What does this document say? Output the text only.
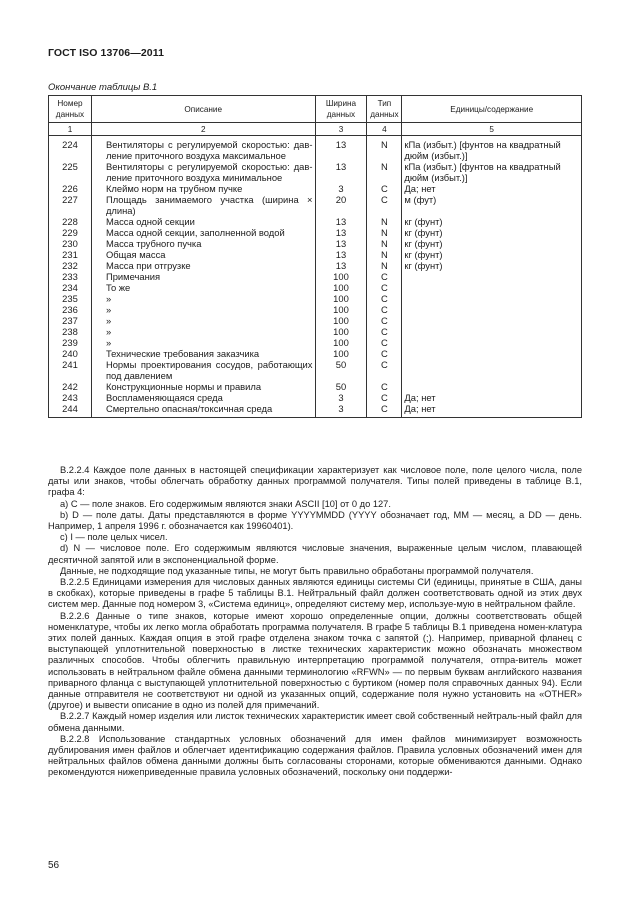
ГОСТ ISO 13706—2011
Окончание таблицы В.1
Номер данных	Описание	Ширина данных	Тип данных	Единицы/содержание
1	2	3	4	5
224	Вентиляторы с регулируемой скоростью: дав-ление приточного воздуха максимальное	13	N	кПа (избыт.) [фунтов на квадратный дюйм (избыт.)]
225	Вентиляторы с регулируемой скоростью: дав-ление приточного воздуха минимальное	13	N	кПа (избыт.) [фунтов на квадратный дюйм (избыт.)]
226	Клеймо норм на трубном пучке	3	C	Да; нет
227	Площадь занимаемого участка (ширина × длина)	20	C	м (фут)
228	Масса одной секции	13	N	кг (фунт)
229	Масса одной секции, заполненной водой	13	N	кг (фунт)
230	Масса трубного пучка	13	N	кг (фунт)
231	Общая масса	13	N	кг (фунт)
232	Масса при отгрузке	13	N	кг (фунт)
233	Примечания	100	C	
234	То же	100	C	
235	»	100	C	
236	»	100	C	
237	»	100	C	
238	»	100	C	
239	»	100	C	
240	Технические требования заказчика	100	C	
241	Нормы проектирования сосудов, работающих под давлением	50	C	
242	Конструкционные нормы и правила	50	C	
243	Воспламеняющаяся среда	3	C	Да; нет
244	Смертельно опасная/токсичная среда	3	C	Да; нет

B.2.2.4 Каждое поле данных в настоящей спецификации характеризует как числовое поле, поле целого числа, поле даты или знаков, чтобы облегчать обработку данных программой получателя. Типы полей приведены в таблице В.1, графа 4:

a) C — поле знаков. Его содержимым являются знаки ASCII [10] от 0 до 127.

b) D — поле даты. Даты представляются в форме YYYYMMDD (YYYY обозначает год, MM — месяц, а DD — день. Например, 1 апреля 1996 г. обозначается как 19960401).

c) I — поле целых чисел.

d) N — числовое поле. Его содержимым являются числовые значения, выраженные целым числом, плавающей десятичной запятой или в экспоненциальной форме.

Данные, не подходящие под указанные типы, не могут быть правильно обработаны программой получателя.

B.2.2.5 Единицами измерения для числовых данных являются единицы системы СИ (единицы, принятые в США, даны в скобках), которые приведены в графе 5 таблицы В.1. Нейтральный файл должен соответствовать одной из этих двух систем мер. Данные под номером 3, «Система единиц», определяют систему мер, используе-мую в нейтральном файле.

B.2.2.6 Данные о типе знаков, которые имеют хорошо определенные опции, должны соответствовать общей номенклатуре, чтобы их легко могла обработать программа получателя. В графе 5 таблицы В.1 приведена номен-клатура этих полей данных. Каждая опция в этой графе отделена знаком точка с запятой (;). Например, приварной фланец с выступающей уплотнительной поверхностью в листке технических характеристик можно обозначать множеством различных способов. Чтобы облегчить правильную интерпретацию программой получателя, отпра-витель может использовать в нейтральном файле обмена данными терминологию «RFWN» — по первым буквам английского названия приварного фланца с выступающей уплотнительной поверхностью с буртиком (номер поля справочных данных 94). Если данные отправителя не соответствуют ни одной из указанных опций, содержание поля нужно установить на «OTHER» (другое) и вывести описание в одно из полей для примечаний.

B.2.2.7 Каждый номер изделия или листок технических характеристик имеет свой собственный нейтраль-ный файл для обмена данными.

B.2.2.8 Использование стандартных условных обозначений для имен файлов минимизирует возможность дублирования имен файлов и облегчает идентификацию содержания файлов. Правила условных обозначений имен для нейтральных файлов обмена данными должны быть согласованы сторонами, которые обмениваются данными. Однако рекомендуются нижеприведенные правила условных обозначений, поскольку они поддержи-

56
